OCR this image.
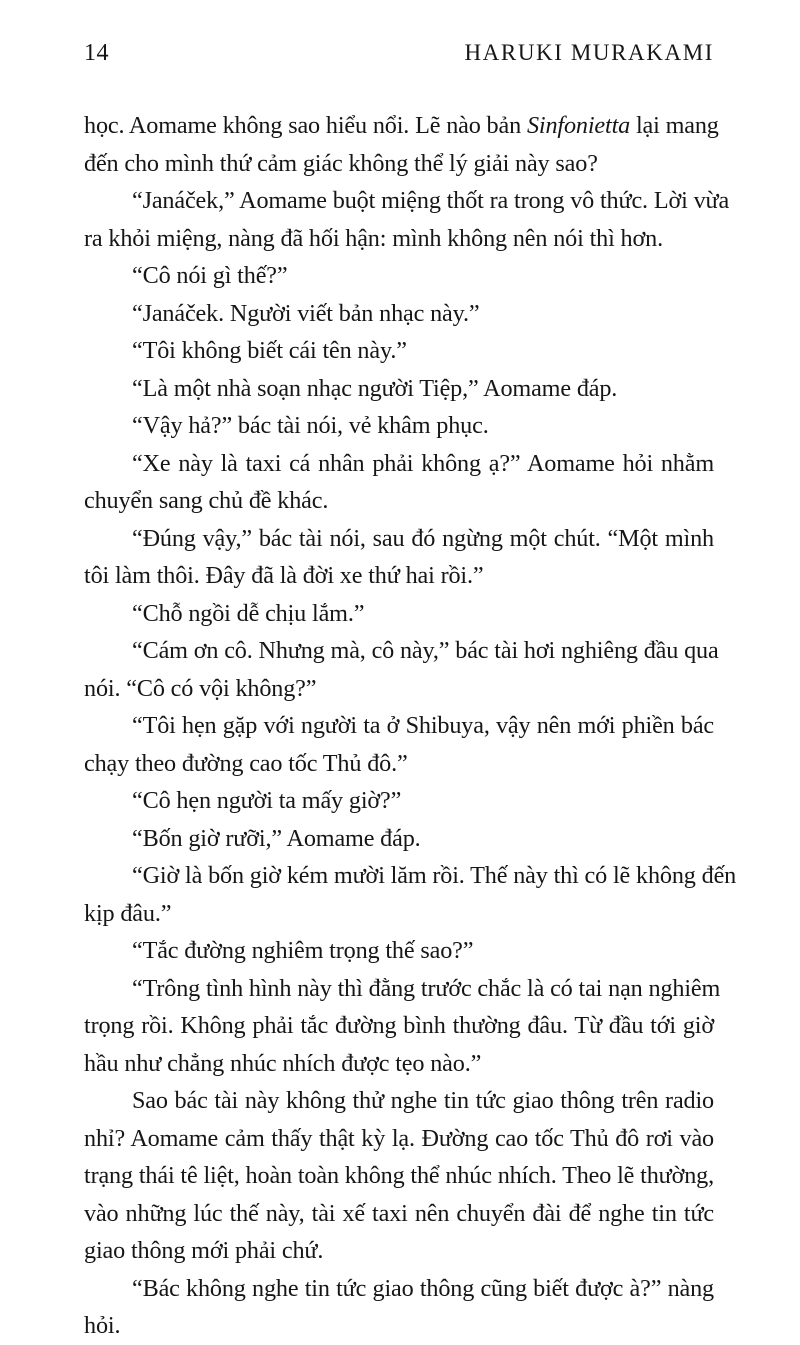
14	HARUKI MURAKAMI
học. Aomame không sao hiểu nổi. Lẽ nào bản Sinfonietta lại mang
đến cho mình thứ cảm giác không thể lý giải này sao?
“Janáček,” Aomame buột miệng thốt ra trong vô thức. Lời vừa
ra khỏi miệng, nàng đã hối hận: mình không nên nói thì hơn.
“Cô nói gì thế?”
“Janáček. Người viết bản nhạc này.”
“Tôi không biết cái tên này.”
“Là một nhà soạn nhạc người Tiệp,” Aomame đáp.
“Vậy hả?” bác tài nói, vẻ khâm phục.
“Xe này là taxi cá nhân phải không ạ?” Aomame hỏi nhằm
chuyển sang chủ đề khác.
“Đúng vậy,” bác tài nói, sau đó ngừng một chút. “Một mình
tôi làm thôi. Đây đã là đời xe thứ hai rồi.”
“Chỗ ngồi dễ chịu lắm.”
“Cám ơn cô. Nhưng mà, cô này,” bác tài hơi nghiêng đầu qua
nói. “Cô có vội không?”
“Tôi hẹn gặp với người ta ở Shibuya, vậy nên mới phiền bác
chạy theo đường cao tốc Thủ đô.”
“Cô hẹn người ta mấy giờ?”
“Bốn giờ rưỡi,” Aomame đáp.
“Giờ là bốn giờ kém mười lăm rồi. Thế này thì có lẽ không đến
kịp đâu.”
“Tắc đường nghiêm trọng thế sao?”
“Trông tình hình này thì đằng trước chắc là có tai nạn nghiêm
trọng rồi. Không phải tắc đường bình thường đâu. Từ đầu tới giờ
hầu như chẳng nhúc nhích được tẹo nào.”
Sao bác tài này không thử nghe tin tức giao thông trên radio
nhỉ? Aomame cảm thấy thật kỳ lạ. Đường cao tốc Thủ đô rơi vào
trạng thái tê liệt, hoàn toàn không thể nhúc nhích. Theo lẽ thường,
vào những lúc thế này, tài xế taxi nên chuyển đài để nghe tin tức
giao thông mới phải chứ.
“Bác không nghe tin tức giao thông cũng biết được à?” nàng
hỏi.
